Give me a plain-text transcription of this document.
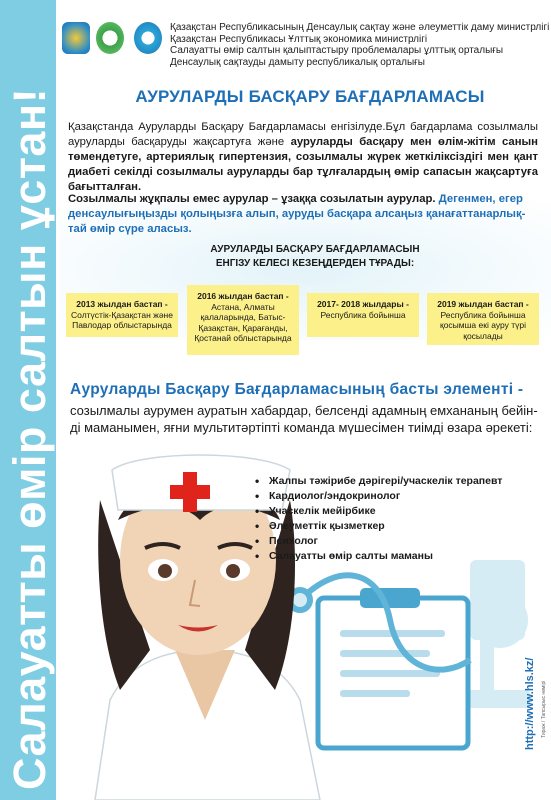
Салауатты өмір салтын ұстан!
Қазақстан Республикасының Денсаулық сақтау және әлеуметтік даму министрлігі
Қазақстан Республикасы Ұлттық экономика министрлігі
Салауатты өмір салтын қалыптастыру проблемалары ұлттық орталығы
Денсаулық сақтауды дамыту республикалық орталығы
АУРУЛАРДЫ БАСҚАРУ БАҒДАРЛАМАСЫ
Қазақстанда Ауруларды Басқару Бағдарламасы енгізілуде.Бұл бағдарлама созылмалы ауруларды басқаруды жақсартуға және ауруларды басқару мен өлім-жітім санын төмендетуге, артериялық гипертензия, созылмалы жүрек жеткіліксіздігі мен қант диабеті секілді созылмалы ауруларды бар тұлғалардың өмір сапасын жақсартуға бағытталған.
Созылмалы жұқпалы емес аурулар – ұзаққа созылатын аурулар. Дегенмен, егер денсаулығыңызды қолыңызға алып, ауруды басқара алсаңыз қанағаттанарлық-тай өмір сүре аласыз.
АУРУЛАРДЫ БАСҚАРУ БАҒДАРЛАМАСЫН
ЕНГІЗУ КЕЛЕСІ КЕЗЕҢДЕРДЕН ТҰРАДЫ:
2013 жылдан бастап -
Солтүстік-Қазақстан және Павлодар облыстарында
2016 жылдан бастап -
Астана, Алматы қалаларында, Батыс-Қазақстан, Қарағанды, Қостанай облыстарында
2017- 2018 жылдары -
Республика бойынша
2019 жылдан бастап -
Республика бойынша қосымша екі ауру түрі қосылады
Ауруларды Басқару Бағдарламасының басты элементі -
созылмалы аурумен ауратын хабардар, белсенді адамның емхананың бейін-ді маманымен, яғни мультитәртіпті команда мүшесімен тиімді өзара әрекеті:
• Жалпы тәжірибе дәрігері/учаскелік терапевт
• Кардиолог/эндокринолог
• Учаскелік мейірбике
• Әлеуметтік қызметкер
• Психолог
• Салауатты өмір салты маманы
http://www.hls.kz/ Тираж / Тапсырыс нөмірі
